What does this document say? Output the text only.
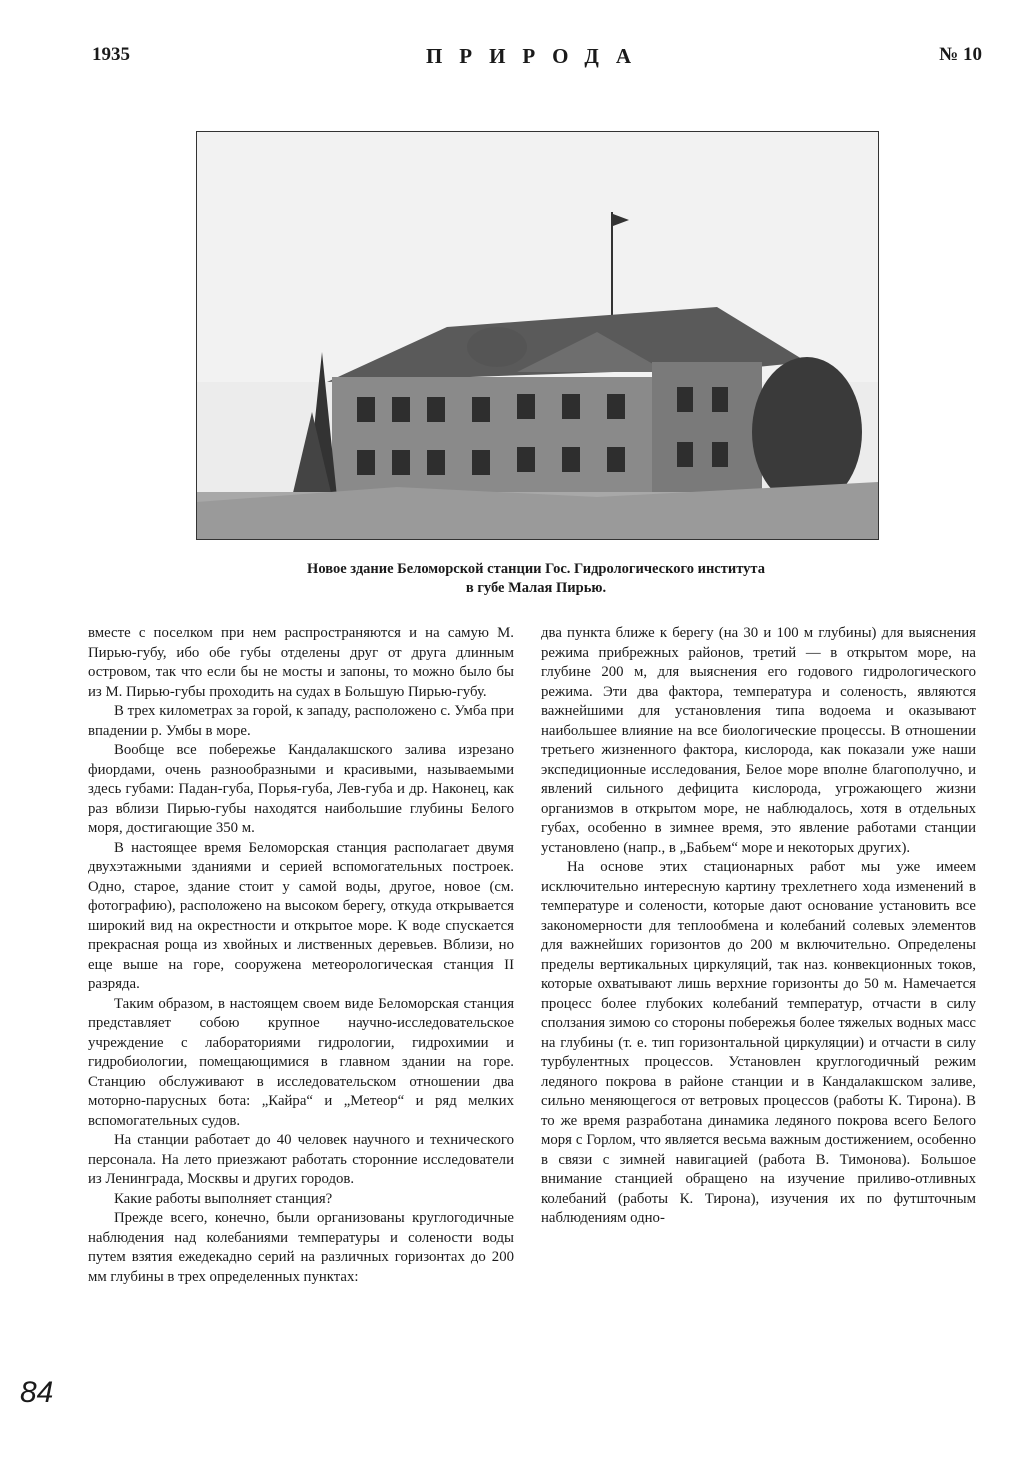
1935	ПРИРОДА	№ 10
Новое здание Беломорской станции Гос. Гидрологического института
в губе Малая Пирью.

вместе с поселком при нем распространяются и на самую М. Пирью-губу, ибо обе губы отделены друг от друга длинным островом, так что если бы не мосты и запоны, то можно было бы из М. Пирью-губы проходить на судах в Большую Пирью-губу.

В трех километрах за горой, к западу, расположено с. Умба при впадении р. Умбы в море.

Вообще все побережье Кандалакшского залива изрезано фиордами, очень разнообразными и красивыми, называемыми здесь губами: Падан-губа, Порья-губа, Лев-губа и др. Наконец, как раз вблизи Пирью-губы находятся наибольшие глубины Белого моря, достигающие 350 м.

В настоящее время Беломорская станция располагает двумя двухэтажными зданиями и серией вспомогательных построек. Одно, старое, здание стоит у самой воды, другое, новое (см. фотографию), расположено на высоком берегу, откуда открывается широкий вид на окрестности и открытое море. К воде спускается прекрасная роща из хвойных и лиственных деревьев. Вблизи, но еще выше на горе, сооружена метеорологическая станция II разряда.

Таким образом, в настоящем своем виде Беломорская станция представляет собою крупное научно-исследовательское учреждение с лабораториями гидрологии, гидрохимии и гидробиологии, помещающимися в главном здании на горе. Станцию обслуживают в исследовательском отношении два моторно-парусных бота: „Кайра“ и „Метеор“ и ряд мелких вспомогательных судов.

На станции работает до 40 человек научного и технического персонала. На лето приезжают работать сторонние исследователи из Ленинграда, Москвы и других городов.

Какие работы выполняет станция?

Прежде всего, конечно, были организованы круглогодичные наблюдения над колебаниями температуры и солености воды путем взятия ежедекадно серий на различных горизонтах до 200 мм глубины в трех определенных пунктах:

два пункта ближе к берегу (на 30 и 100 м глубины) для выяснения режима прибрежных районов, третий — в открытом море, на глубине 200 м, для выяснения его годового гидрологического режима. Эти два фактора, температура и соленость, являются важнейшими для установления типа водоема и оказывают наибольшее влияние на все биологические процессы. В отношении третьего жизненного фактора, кислорода, как показали уже наши экспедиционные исследования, Белое море вполне благополучно, и явлений сильного дефицита кислорода, угрожающего жизни организмов в открытом море, не наблюдалось, хотя в отдельных губах, особенно в зимнее время, это явление работами станции установлено (напр., в „Бабьем“ море и некоторых других).

На основе этих стационарных работ мы уже имеем исключительно интересную картину трехлетнего хода изменений в температуре и солености, которые дают основание установить все закономерности для теплообмена и колебаний солевых элементов для важнейших горизонтов до 200 м включительно. Определены пределы вертикальных циркуляций, так наз. конвекционных токов, которые охватывают лишь верхние горизонты до 50 м. Намечается процесс более глубоких колебаний температур, отчасти в силу сползания зимою со стороны побережья более тяжелых водных масс на глубины (т. е. тип горизонтальной циркуляции) и отчасти в силу турбулентных процессов. Установлен круглогодичный режим ледяного покрова в районе станции и в Кандалакшском заливе, сильно меняющегося от ветровых процессов (работы К. Тирона). В то же время разработана динамика ледяного покрова всего Белого моря с Горлом, что является весьма важным достижением, особенно в связи с зимней навигацией (работа В. Тимонова). Большое внимание станцией обращено на изучение приливо-отливных колебаний (работы К. Тирона), изучения их по футшточным наблюдениям одно-

84
